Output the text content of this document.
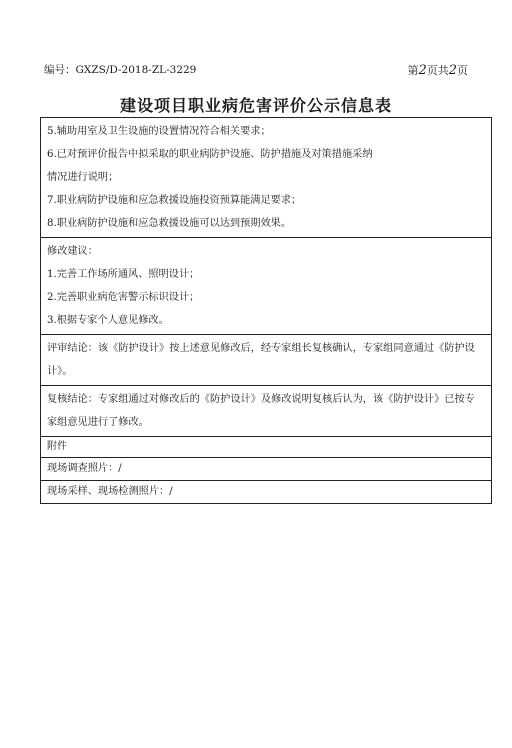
编号：GXZS/D-2018-ZL-3229	第2页共2页
建设项目职业病危害评价公示信息表
5.辅助用室及卫生设施的设置情况符合相关要求；
6.已对预评价报告中拟采取的职业病防护设施、防护措施及对策措施采纳
情况进行说明；
7.职业病防护设施和应急救援设施投资预算能满足要求；
8.职业病防护设施和应急救援设施可以达到预期效果。
修改建议：
1.完善工作场所通风、照明设计；
2.完善职业病危害警示标识设计；
3.根据专家个人意见修改。
评审结论：该《防护设计》按上述意见修改后，经专家组长复核确认，专家组同意通过《防护设计》。
复核结论：专家组通过对修改后的《防护设计》及修改说明复核后认为，该《防护设计》已按专家组意见进行了修改。
附件
现场调查照片：/
现场采样、现场检测照片：/
